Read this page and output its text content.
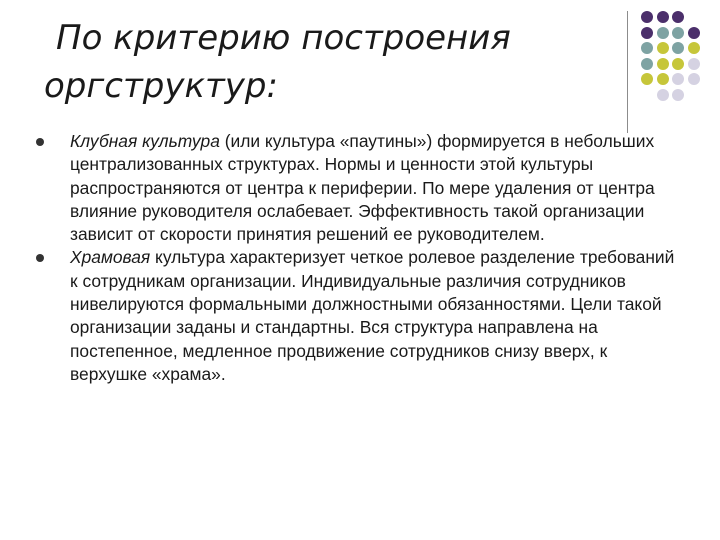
По критерию построения
оргструктур:

Клубная культура (или культура «паутины») формируется в небольших централизованных структурах. Нормы и ценности этой культуры распространяются от центра к периферии. По мере удаления от центра влияние руководителя ослабевает. Эффективность такой организации зависит от скорости принятия решений ее руководителем.

Храмовая культура характеризует четкое ролевое разделение требований к сотрудникам организации. Индивидуальные различия сотрудников нивелируются формальными должностными обязанностями. Цели такой организации заданы и стандартны. Вся структура направлена на постепенное, медленное продвижение сотрудников снизу вверх, к верхушке «храма».
